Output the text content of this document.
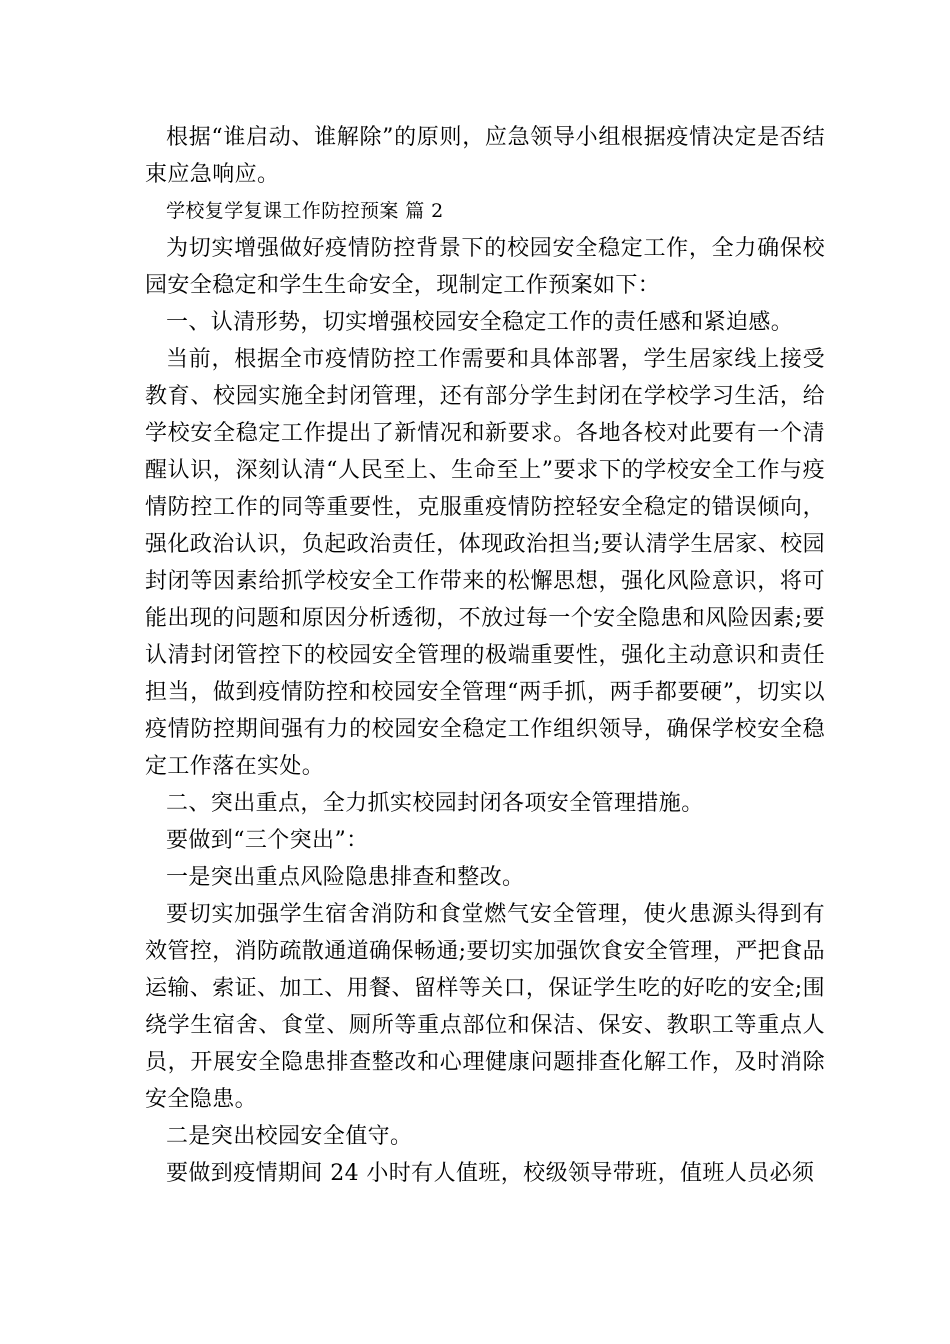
根据“谁启动、谁解除”的原则，应急领导小组根据疫情决定是否结束应急响应。

学校复学复课工作防控预案 篇 2

为切实增强做好疫情防控背景下的校园安全稳定工作，全力确保校园安全稳定和学生生命安全，现制定工作预案如下：

一、认清形势，切实增强校园安全稳定工作的责任感和紧迫感。

当前，根据全市疫情防控工作需要和具体部署，学生居家线上接受教育、校园实施全封闭管理，还有部分学生封闭在学校学习生活，给学校安全稳定工作提出了新情况和新要求。各地各校对此要有一个清醒认识，深刻认清“人民至上、生命至上”要求下的学校安全工作与疫情防控工作的同等重要性，克服重疫情防控轻安全稳定的错误倾向，强化政治认识，负起政治责任，体现政治担当;要认清学生居家、校园封闭等因素给抓学校安全工作带来的松懈思想，强化风险意识，将可能出现的问题和原因分析透彻，不放过每一个安全隐患和风险因素;要认清封闭管控下的校园安全管理的极端重要性，强化主动意识和责任担当，做到疫情防控和校园安全管理“两手抓，两手都要硬”，切实以疫情防控期间强有力的校园安全稳定工作组织领导，确保学校安全稳定工作落在实处。

二、突出重点，全力抓实校园封闭各项安全管理措施。

要做到“三个突出”：

一是突出重点风险隐患排查和整改。

要切实加强学生宿舍消防和食堂燃气安全管理，使火患源头得到有效管控，消防疏散通道确保畅通;要切实加强饮食安全管理，严把食品运输、索证、加工、用餐、留样等关口，保证学生吃的好吃的安全;围绕学生宿舍、食堂、厕所等重点部位和保洁、保安、教职工等重点人员，开展安全隐患排查整改和心理健康问题排查化解工作，及时消除安全隐患。

二是突出校园安全值守。

要做到疫情期间 24 小时有人值班，校级领导带班，值班人员必须
